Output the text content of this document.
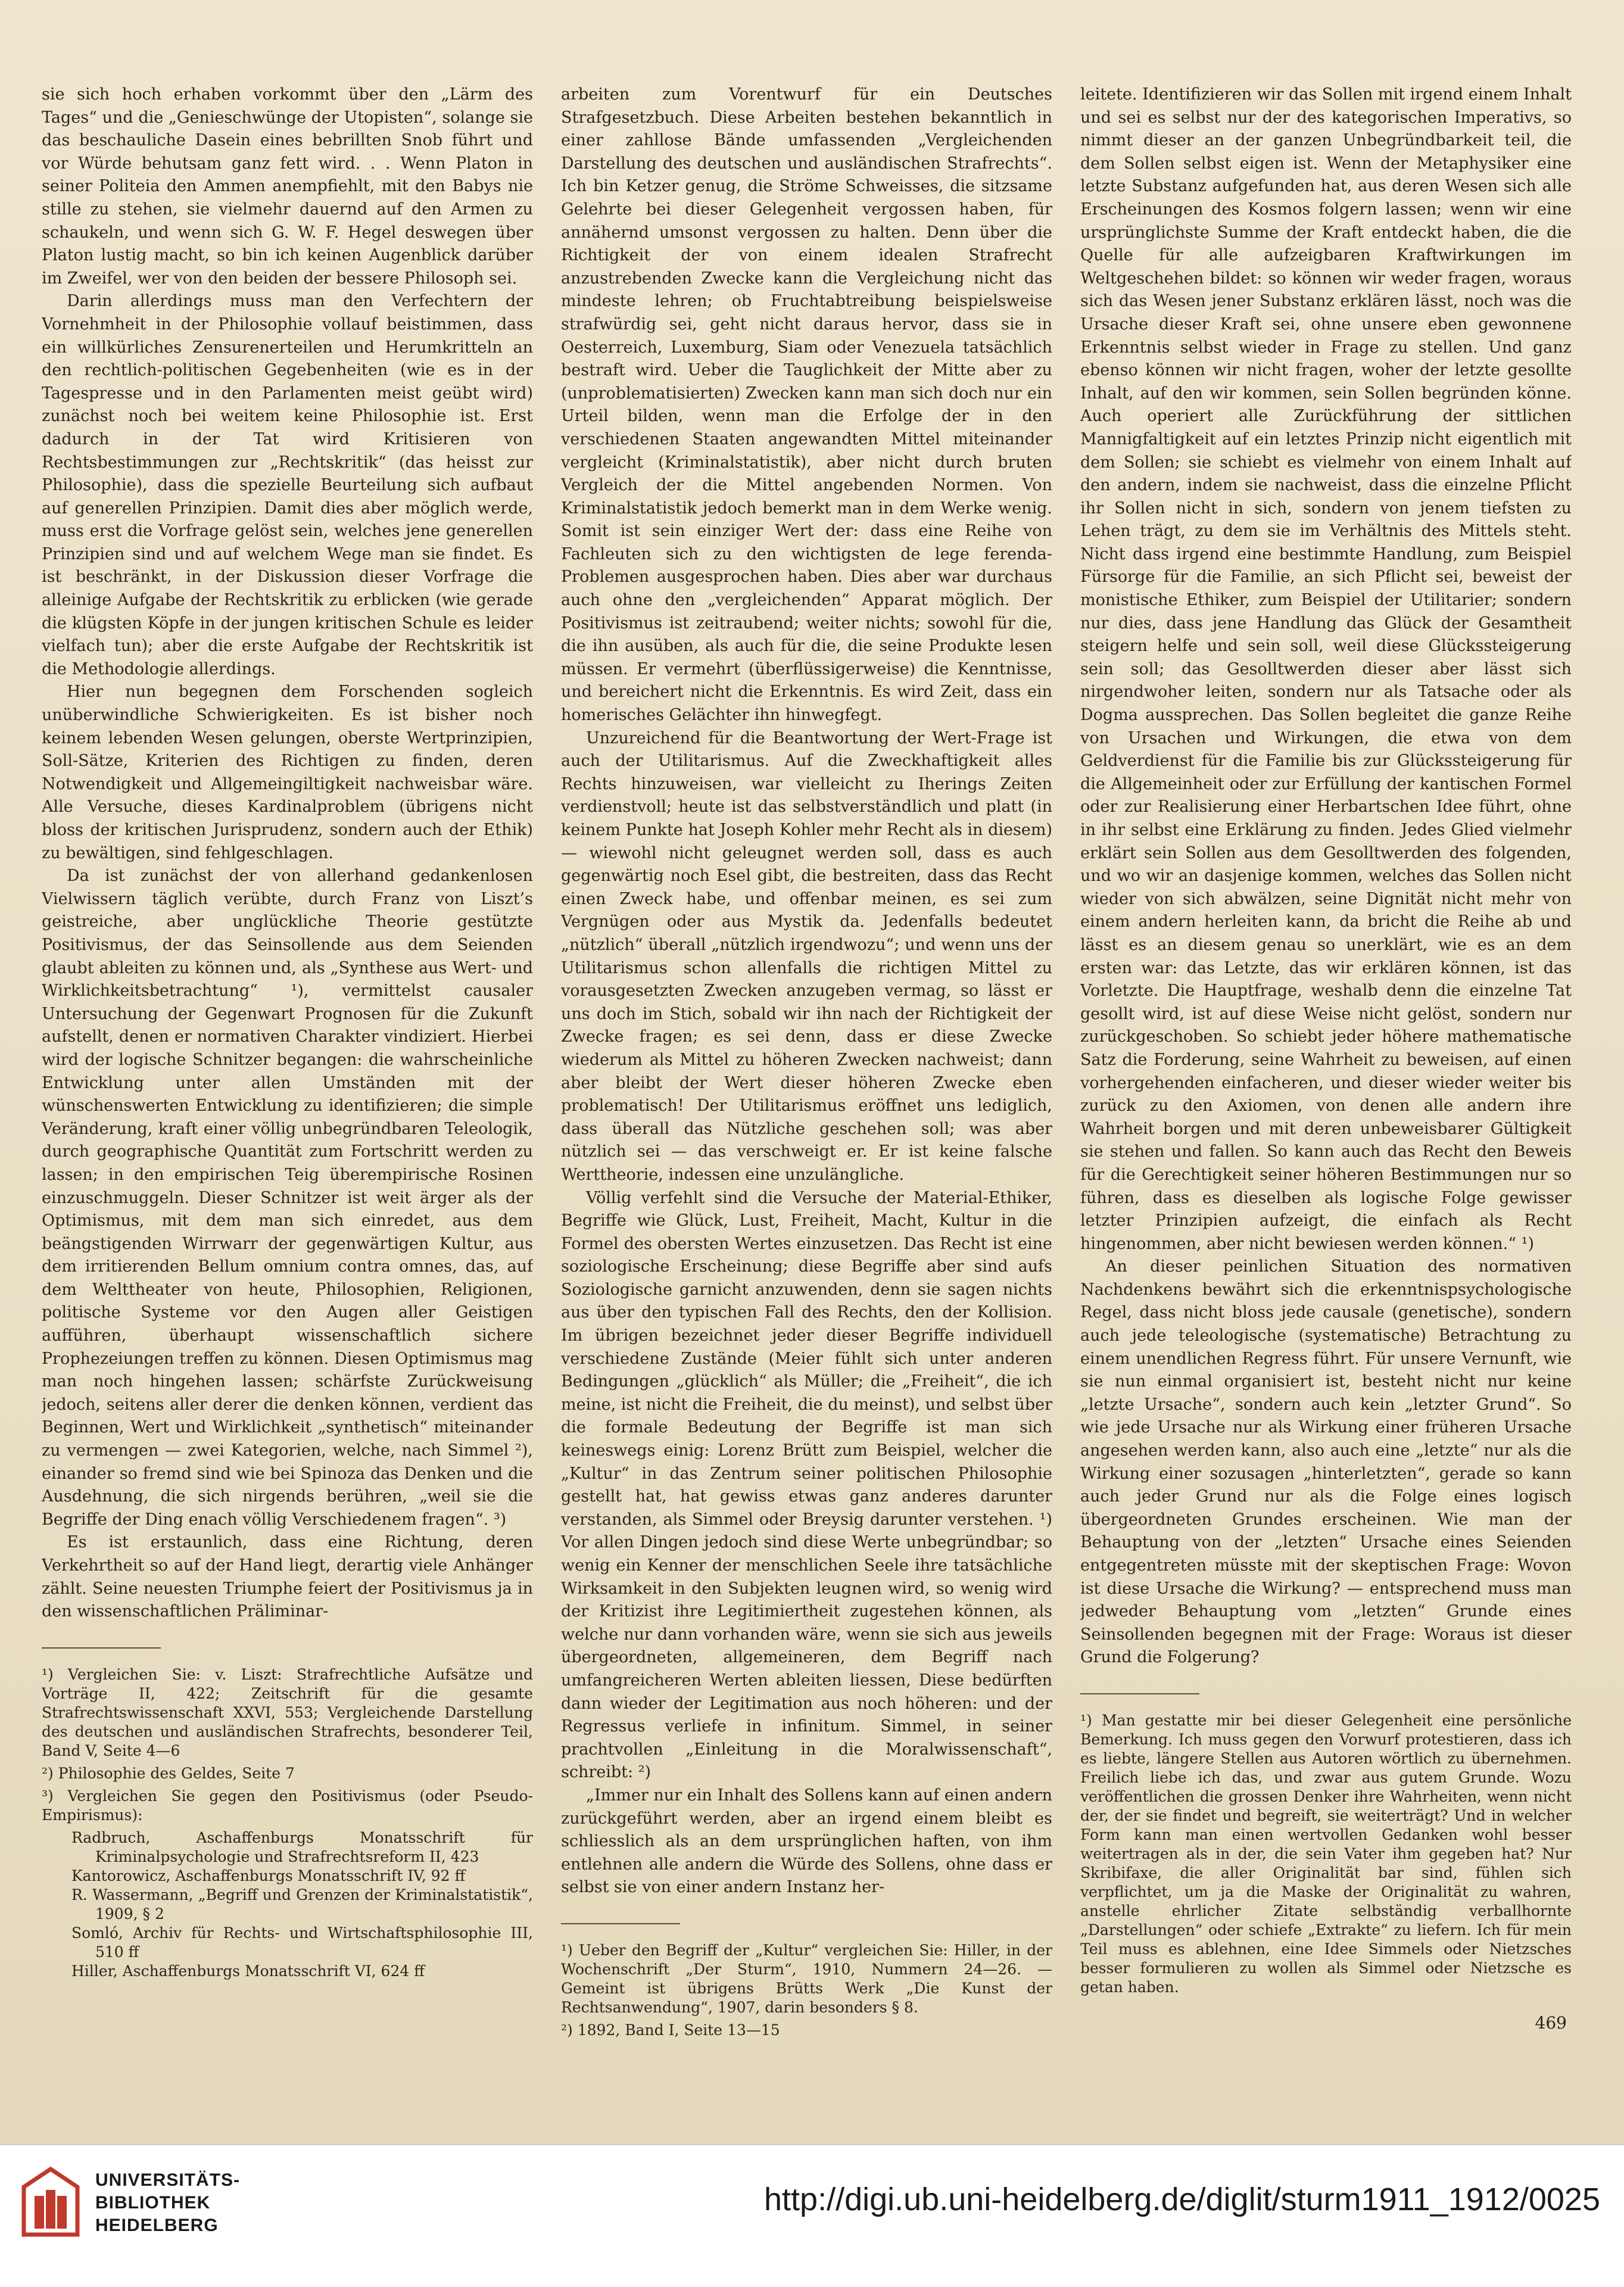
sie sich hoch erhaben vorkommt über den „Lärm des Tages“ und die „Genieschwünge der Utopisten“, solange sie das beschauliche Dasein eines bebrillten Snob führt und vor Würde behutsam ganz fett wird. . . Wenn Platon in seiner Politeia den Ammen anempfiehlt, mit den Babys nie stille zu stehen, sie vielmehr dauernd auf den Armen zu schaukeln, und wenn sich G. W. F. Hegel deswegen über Platon lustig macht, so bin ich keinen Augenblick darüber im Zweifel, wer von den beiden der bessere Philosoph sei.

Darin allerdings muss man den Verfechtern der Vornehmheit in der Philosophie vollauf beistimmen, dass ein willkürliches Zensurenerteilen und Herumkritteln an den rechtlich-politischen Gegebenheiten (wie es in der Tagespresse und in den Parlamenten meist geübt wird) zunächst noch bei weitem keine Philosophie ist. Erst dadurch in der Tat wird Kritisieren von Rechtsbestimmungen zur „Rechtskritik“ (das heisst zur Philosophie), dass die spezielle Beurteilung sich aufbaut auf generellen Prinzipien. Damit dies aber möglich werde, muss erst die Vorfrage gelöst sein, welches jene generellen Prinzipien sind und auf welchem Wege man sie findet. Es ist beschränkt, in der Diskussion dieser Vorfrage die alleinige Aufgabe der Rechtskritik zu erblicken (wie gerade die klügsten Köpfe in der jungen kritischen Schule es leider vielfach tun); aber die erste Aufgabe der Rechtskritik ist die Methodologie allerdings.

Hier nun begegnen dem Forschenden sogleich unüberwindliche Schwierigkeiten. Es ist bisher noch keinem lebenden Wesen gelungen, oberste Wertprinzipien, Soll-Sätze, Kriterien des Richtigen zu finden, deren Notwendigkeit und Allgemeingiltigkeit nachweisbar wäre. Alle Versuche, dieses Kardinalproblem (übrigens nicht bloss der kritischen Jurisprudenz, sondern auch der Ethik) zu bewältigen, sind fehlgeschlagen.

Da ist zunächst der von allerhand gedankenlosen Vielwissern täglich verübte, durch Franz von Liszt’s geistreiche, aber unglückliche Theorie gestützte Positivismus, der das Seinsollende aus dem Seienden glaubt ableiten zu können und, als „Synthese aus Wert- und Wirklichkeitsbetrachtung“ ¹), vermittelst causaler Untersuchung der Gegenwart Prognosen für die Zukunft aufstellt, denen er normativen Charakter vindiziert. Hierbei wird der logische Schnitzer begangen: die wahrscheinliche Entwicklung unter allen Umständen mit der wünschenswerten Entwicklung zu identifizieren; die simple Veränderung, kraft einer völlig unbegründbaren Teleologik, durch geographische Quantität zum Fortschritt werden zu lassen; in den empirischen Teig überempirische Rosinen einzuschmuggeln. Dieser Schnitzer ist weit ärger als der Optimismus, mit dem man sich einredet, aus dem beängstigenden Wirrwarr der gegenwärtigen Kultur, aus dem irritierenden Bellum omnium contra omnes, das, auf dem Welttheater von heute, Philosophien, Religionen, politische Systeme vor den Augen aller Geistigen aufführen, überhaupt wissenschaftlich sichere Prophezeiungen treffen zu können. Diesen Optimismus mag man noch hingehen lassen; schärfste Zurückweisung jedoch, seitens aller derer die denken können, verdient das Beginnen, Wert und Wirklichkeit „synthetisch“ miteinander zu vermengen — zwei Kategorien, welche, nach Simmel ²), einander so fremd sind wie bei Spinoza das Denken und die Ausdehnung, die sich nirgends berühren, „weil sie die Begriffe der Ding enach völlig Verschiedenem fragen“. ³)

Es ist erstaunlich, dass eine Richtung, deren Verkehrtheit so auf der Hand liegt, derartig viele Anhänger zählt. Seine neuesten Triumphe feiert der Positivismus ja in den wissenschaftlichen Präliminar-

¹) Vergleichen Sie: v. Liszt: Strafrechtliche Aufsätze und Vorträge II, 422; Zeitschrift für die gesamte Strafrechtswissenschaft XXVI, 553; Vergleichende Darstellung des deutschen und ausländischen Strafrechts, besonderer Teil, Band V, Seite 4—6

²) Philosophie des Geldes, Seite 7

³) Vergleichen Sie gegen den Positivismus (oder Pseudo-Empirismus):

Radbruch, Aschaffenburgs Monatsschrift für Kriminalpsychologie und Strafrechtsreform II, 423

Kantorowicz, Aschaffenburgs Monatsschrift IV, 92 ff

R. Wassermann, „Begriff und Grenzen der Kriminalstatistik“, 1909, § 2

Somló, Archiv für Rechts- und Wirtschaftsphilosophie III, 510 ff

Hiller, Aschaffenburgs Monatsschrift VI, 624 ff

arbeiten zum Vorentwurf für ein Deutsches Strafgesetzbuch. Diese Arbeiten bestehen bekanntlich in einer zahllose Bände umfassenden „Vergleichenden Darstellung des deutschen und ausländischen Strafrechts“. Ich bin Ketzer genug, die Ströme Schweisses, die sitzsame Gelehrte bei dieser Gelegenheit vergossen haben, für annähernd umsonst vergossen zu halten. Denn über die Richtigkeit der von einem idealen Strafrecht anzustrebenden Zwecke kann die Vergleichung nicht das mindeste lehren; ob Fruchtabtreibung beispielsweise strafwürdig sei, geht nicht daraus hervor, dass sie in Oesterreich, Luxemburg, Siam oder Venezuela tatsächlich bestraft wird. Ueber die Tauglichkeit der Mitte aber zu (unproblematisierten) Zwecken kann man sich doch nur ein Urteil bilden, wenn man die Erfolge der in den verschiedenen Staaten angewandten Mittel miteinander vergleicht (Kriminalstatistik), aber nicht durch bruten Vergleich der die Mittel angebenden Normen. Von Kriminalstatistik jedoch bemerkt man in dem Werke wenig. Somit ist sein einziger Wert der: dass eine Reihe von Fachleuten sich zu den wichtigsten de lege ferenda-Problemen ausgesprochen haben. Dies aber war durchaus auch ohne den „vergleichenden“ Apparat möglich. Der Positivismus ist zeitraubend; weiter nichts; sowohl für die, die ihn ausüben, als auch für die, die seine Produkte lesen müssen. Er vermehrt (überflüssigerweise) die Kenntnisse, und bereichert nicht die Erkenntnis. Es wird Zeit, dass ein homerisches Gelächter ihn hinwegfegt.

Unzureichend für die Beantwortung der Wert-Frage ist auch der Utilitarismus. Auf die Zweckhaftigkeit alles Rechts hinzuweisen, war vielleicht zu Iherings Zeiten verdienstvoll; heute ist das selbstverständlich und platt (in keinem Punkte hat Joseph Kohler mehr Recht als in diesem) — wiewohl nicht geleugnet werden soll, dass es auch gegenwärtig noch Esel gibt, die bestreiten, dass das Recht einen Zweck habe, und offenbar meinen, es sei zum Vergnügen oder aus Mystik da. Jedenfalls bedeutet „nützlich“ überall „nützlich irgendwozu“; und wenn uns der Utilitarismus schon allenfalls die richtigen Mittel zu vorausgesetzten Zwecken anzugeben vermag, so lässt er uns doch im Stich, sobald wir ihn nach der Richtigkeit der Zwecke fragen; es sei denn, dass er diese Zwecke wiederum als Mittel zu höheren Zwecken nachweist; dann aber bleibt der Wert dieser höheren Zwecke eben problematisch! Der Utilitarismus eröffnet uns lediglich, dass überall das Nützliche geschehen soll; was aber nützlich sei — das verschweigt er. Er ist keine falsche Werttheorie, indessen eine unzulängliche.

Völlig verfehlt sind die Versuche der Material-Ethiker, Begriffe wie Glück, Lust, Freiheit, Macht, Kultur in die Formel des obersten Wertes einzusetzen. Das Recht ist eine soziologische Erscheinung; diese Begriffe aber sind aufs Soziologische garnicht anzuwenden, denn sie sagen nichts aus über den typischen Fall des Rechts, den der Kollision. Im übrigen bezeichnet jeder dieser Begriffe individuell verschiedene Zustände (Meier fühlt sich unter anderen Bedingungen „glücklich“ als Müller; die „Freiheit“, die ich meine, ist nicht die Freiheit, die du meinst), und selbst über die formale Bedeutung der Begriffe ist man sich keineswegs einig: Lorenz Brütt zum Beispiel, welcher die „Kultur“ in das Zentrum seiner politischen Philosophie gestellt hat, hat gewiss etwas ganz anderes darunter verstanden, als Simmel oder Breysig darunter verstehen. ¹) Vor allen Dingen jedoch sind diese Werte unbegründbar; so wenig ein Kenner der menschlichen Seele ihre tatsächliche Wirksamkeit in den Subjekten leugnen wird, so wenig wird der Kritizist ihre Legitimiertheit zugestehen können, als welche nur dann vorhanden wäre, wenn sie sich aus jeweils übergeordneten, allgemeineren, dem Begriff nach umfangreicheren Werten ableiten liessen, Diese bedürften dann wieder der Legitimation aus noch höheren: und der Regressus verliefe in infinitum. Simmel, in seiner prachtvollen „Einleitung in die Moralwissenschaft“, schreibt: ²)

„Immer nur ein Inhalt des Sollens kann auf einen andern zurückgeführt werden, aber an irgend einem bleibt es schliesslich als an dem ursprünglichen haften, von ihm entlehnen alle andern die Würde des Sollens, ohne dass er selbst sie von einer andern Instanz her-

¹) Ueber den Begriff der „Kultur“ vergleichen Sie: Hiller, in der Wochenschrift „Der Sturm“, 1910, Nummern 24—26. — Gemeint ist übrigens Brütts Werk „Die Kunst der Rechtsanwendung“, 1907, darin besonders § 8.

²) 1892, Band I, Seite 13—15

leitete. Identifizieren wir das Sollen mit irgend einem Inhalt und sei es selbst nur der des kategorischen Imperativs, so nimmt dieser an der ganzen Unbegründbarkeit teil, die dem Sollen selbst eigen ist. Wenn der Metaphysiker eine letzte Substanz aufgefunden hat, aus deren Wesen sich alle Erscheinungen des Kosmos folgern lassen; wenn wir eine ursprünglichste Summe der Kraft entdeckt haben, die die Quelle für alle aufzeigbaren Kraftwirkungen im Weltgeschehen bildet: so können wir weder fragen, woraus sich das Wesen jener Substanz erklären lässt, noch was die Ursache dieser Kraft sei, ohne unsere eben gewonnene Erkenntnis selbst wieder in Frage zu stellen. Und ganz ebenso können wir nicht fragen, woher der letzte gesollte Inhalt, auf den wir kommen, sein Sollen begründen könne. Auch operiert alle Zurückführung der sittlichen Mannigfaltigkeit auf ein letztes Prinzip nicht eigentlich mit dem Sollen; sie schiebt es vielmehr von einem Inhalt auf den andern, indem sie nachweist, dass die einzelne Pflicht ihr Sollen nicht in sich, sondern von jenem tiefsten zu Lehen trägt, zu dem sie im Verhältnis des Mittels steht. Nicht dass irgend eine bestimmte Handlung, zum Beispiel Fürsorge für die Familie, an sich Pflicht sei, beweist der monistische Ethiker, zum Beispiel der Utilitarier; sondern nur dies, dass jene Handlung das Glück der Gesamtheit steigern helfe und sein soll, weil diese Glückssteigerung sein soll; das Gesolltwerden dieser aber lässt sich nirgendwoher leiten, sondern nur als Tatsache oder als Dogma aussprechen. Das Sollen begleitet die ganze Reihe von Ursachen und Wirkungen, die etwa von dem Geldverdienst für die Familie bis zur Glückssteigerung für die Allgemeinheit oder zur Erfüllung der kantischen Formel oder zur Realisierung einer Herbartschen Idee führt, ohne in ihr selbst eine Erklärung zu finden. Jedes Glied vielmehr erklärt sein Sollen aus dem Gesolltwerden des folgenden, und wo wir an dasjenige kommen, welches das Sollen nicht wieder von sich abwälzen, seine Dignität nicht mehr von einem andern herleiten kann, da bricht die Reihe ab und lässt es an diesem genau so unerklärt, wie es an dem ersten war: das Letzte, das wir erklären können, ist das Vorletzte. Die Hauptfrage, weshalb denn die einzelne Tat gesollt wird, ist auf diese Weise nicht gelöst, sondern nur zurückgeschoben. So schiebt jeder höhere mathematische Satz die Forderung, seine Wahrheit zu beweisen, auf einen vorhergehenden einfacheren, und dieser wieder weiter bis zurück zu den Axiomen, von denen alle andern ihre Wahrheit borgen und mit deren unbeweisbarer Gültigkeit sie stehen und fallen. So kann auch das Recht den Beweis für die Gerechtigkeit seiner höheren Bestimmungen nur so führen, dass es dieselben als logische Folge gewisser letzter Prinzipien aufzeigt, die einfach als Recht hingenommen, aber nicht bewiesen werden können.“ ¹)

An dieser peinlichen Situation des normativen Nachdenkens bewährt sich die erkenntnispsychologische Regel, dass nicht bloss jede causale (genetische), sondern auch jede teleologische (systematische) Betrachtung zu einem unendlichen Regress führt. Für unsere Vernunft, wie sie nun einmal organisiert ist, besteht nicht nur keine „letzte Ursache“, sondern auch kein „letzter Grund“. So wie jede Ursache nur als Wirkung einer früheren Ursache angesehen werden kann, also auch eine „letzte“ nur als die Wirkung einer sozusagen „hinterletzten“, gerade so kann auch jeder Grund nur als die Folge eines logisch übergeordneten Grundes erscheinen. Wie man der Behauptung von der „letzten“ Ursache eines Seienden entgegentreten müsste mit der skeptischen Frage: Wovon ist diese Ursache die Wirkung? — entsprechend muss man jedweder Behauptung vom „letzten“ Grunde eines Seinsollenden begegnen mit der Frage: Woraus ist dieser Grund die Folgerung?

¹) Man gestatte mir bei dieser Gelegenheit eine persönliche Bemerkung. Ich muss gegen den Vorwurf protestieren, dass ich es liebte, längere Stellen aus Autoren wörtlich zu übernehmen. Freilich liebe ich das, und zwar aus gutem Grunde. Wozu veröffentlichen die grossen Denker ihre Wahrheiten, wenn nicht der, der sie findet und begreift, sie weiterträgt? Und in welcher Form kann man einen wertvollen Gedanken wohl besser weitertragen als in der, die sein Vater ihm gegeben hat? Nur Skribifaxe, die aller Originalität bar sind, fühlen sich verpflichtet, um ja die Maske der Originalität zu wahren, anstelle ehrlicher Zitate selbständig verballhornte „Darstellungen“ oder schiefe „Extrakte“ zu liefern. Ich für mein Teil muss es ablehnen, eine Idee Simmels oder Nietzsches besser formulieren zu wollen als Simmel oder Nietzsche es getan haben.

469
UNIVERSITÄTS-
BIBLIOTHEK
HEIDELBERG
http://digi.ub.uni-heidelberg.de/diglit/sturm1911_1912/0025
